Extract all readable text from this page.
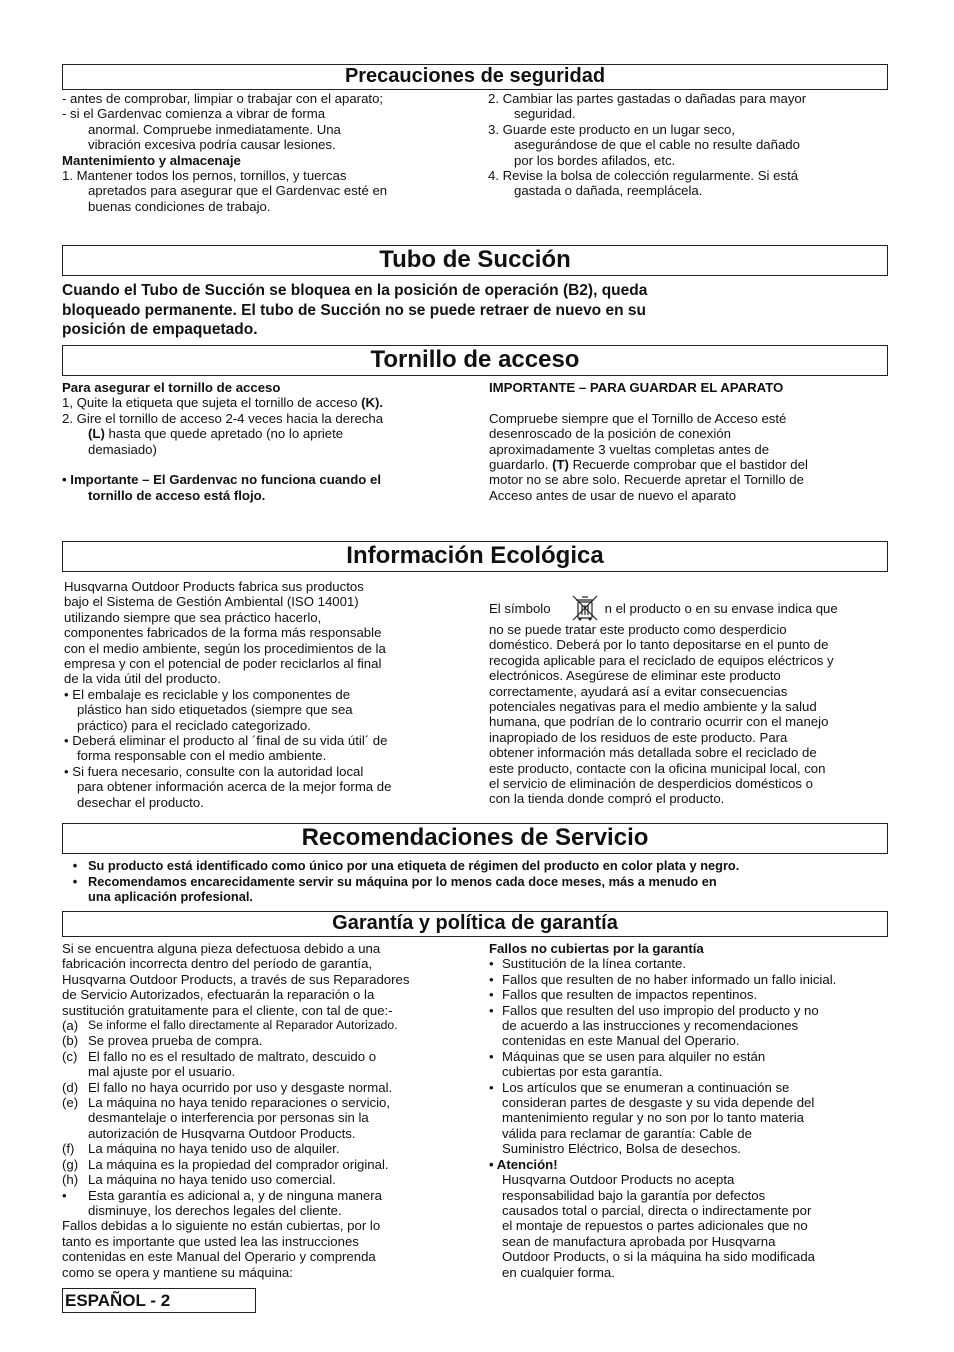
Precauciones de seguridad
- antes de comprobar, limpiar o trabajar con el aparato;
- si el Gardenvac comienza a vibrar de forma
anormal. Compruebe inmediatamente. Una
vibración excesiva podría causar lesiones.
Mantenimiento y almacenaje
1. Mantener todos los pernos, tornillos, y tuercas
apretados para asegurar que el Gardenvac esté en
buenas condiciones de trabajo.
2. Cambiar las partes gastadas o dañadas para mayor
seguridad.
3. Guarde este producto en un lugar seco,
asegurándose de que el cable no resulte dañado
por los bordes afilados, etc.
4. Revise la bolsa de colección regularmente. Si está
gastada o dañada, reemplácela.
Tubo de Succión
Cuando el Tubo de Succión se bloquea en la posición de operación (B2), queda
bloqueado permanente. El tubo de Succión no se puede retraer de nuevo en su
posición de empaquetado.
Tornillo de acceso
Para asegurar el tornillo de acceso
1, Quite la etiqueta que sujeta el tornillo de acceso (K).
2. Gire el tornillo de acceso 2-4 veces hacia la derecha
(L) hasta que quede apretado (no lo apriete
demasiado)

• Importante – El Gardenvac no funciona cuando el
tornillo de acceso está flojo.
IMPORTANTE – PARA GUARDAR EL APARATO

Compruebe siempre que el Tornillo de Acceso esté
desenroscado de la posición de conexión
aproximadamente 3 vueltas completas antes de
guardarlo. (T) Recuerde comprobar que el bastidor del
motor no se abre solo. Recuerde apretar el Tornillo de
Acceso antes de usar de nuevo el aparato
Información Ecológica
Husqvarna Outdoor Products fabrica sus productos
bajo el Sistema de Gestión Ambiental (ISO 14001)
utilizando siempre que sea práctico hacerlo,
componentes fabricados de la forma más responsable
con el medio ambiente, según los procedimientos de la
empresa y con el potencial de poder reciclarlos al final
de la vida útil del producto.
• El embalaje es reciclable y los componentes de
plástico han sido etiquetados (siempre que sea
práctico) para el reciclado categorizado.
• Deberá eliminar el producto al ´final de su vida útil´ de
forma responsable con el medio ambiente.
• Si fuera necesario, consulte con la autoridad local
para obtener información acerca de la mejor forma de
desechar el producto.
El símbolo	n el producto o en su envase indica que
no se puede tratar este producto como desperdicio
doméstico. Deberá por lo tanto depositarse en el punto de
recogida aplicable para el reciclado de equipos eléctricos y
electrónicos. Asegúrese de eliminar este producto
correctamente, ayudará así a evitar consecuencias
potenciales negativas para el medio ambiente y la salud
humana, que podrían de lo contrario ocurrir con el manejo
inapropiado de los residuos de este producto. Para
obtener información más detallada sobre el reciclado de
este producto, contacte con la oficina municipal local, con
el servicio de eliminación de desperdicios domésticos o
con la tienda donde compró el producto.
Recomendaciones de Servicio
• Su producto está identificado como único por una etiqueta de régimen del producto en color plata y negro.
• Recomendamos encarecidamente servir su máquina por lo menos cada doce meses, más a menudo en
una aplicación profesional.
Garantía y política de garantía
Si se encuentra alguna pieza defectuosa debido a una
fabricación incorrecta dentro del período de garantía,
Husqvarna Outdoor Products, a través de sus Reparadores
de Servicio Autorizados, efectuarán la reparación o la
sustitución gratuitamente para el cliente, con tal de que:-
(a) Se informe el fallo directamente al Reparador Autorizado.
(b) Se provea prueba de compra.
(c) El fallo no es el resultado de maltrato, descuido o
mal ajuste por el usuario.
(d) El fallo no haya ocurrido por uso y desgaste normal.
(e) La máquina no haya tenido reparaciones o servicio,
desmantelaje o interferencia por personas sin la
autorización de Husqvarna Outdoor Products.
(f)	La máquina no haya tenido uso de alquiler.
(g) La máquina es la propiedad del comprador original.
(h) La máquina no haya tenido uso comercial.
•	Esta garantía es adicional a, y de ninguna manera
disminuye, los derechos legales del cliente.
Fallos debidas a lo siguiente no están cubiertas, por lo
tanto es importante que usted lea las instrucciones
contenidas en este Manual del Operario y comprenda
como se opera y mantiene su máquina:
Fallos no cubiertas por la garantía
• Sustitución de la línea cortante.
• Fallos que resulten de no haber informado un fallo inicial.
• Fallos que resulten de impactos repentinos.
• Fallos que resulten del uso impropio del producto y no
de acuerdo a las instrucciones y recomendaciones
contenidas en este Manual del Operario.
• Máquinas que se usen para alquiler no están
cubiertas por esta garantía.
• Los artículos que se enumeran a continuación se
consideran partes de desgaste y su vida depende del
mantenimiento regular y no son por lo tanto materia
válida para reclamar de garantía: Cable de
Suministro Eléctrico, Bolsa de desechos.
• Atención!
Husqvarna Outdoor Products no acepta
responsabilidad bajo la garantía por defectos
causados total o parcial, directa o indirectamente por
el montaje de repuestos o partes adicionales que no
sean de manufactura aprobada por Husqvarna
Outdoor Products, o si la máquina ha sido modificada
en cualquier forma.
ESPAÑOL - 2
